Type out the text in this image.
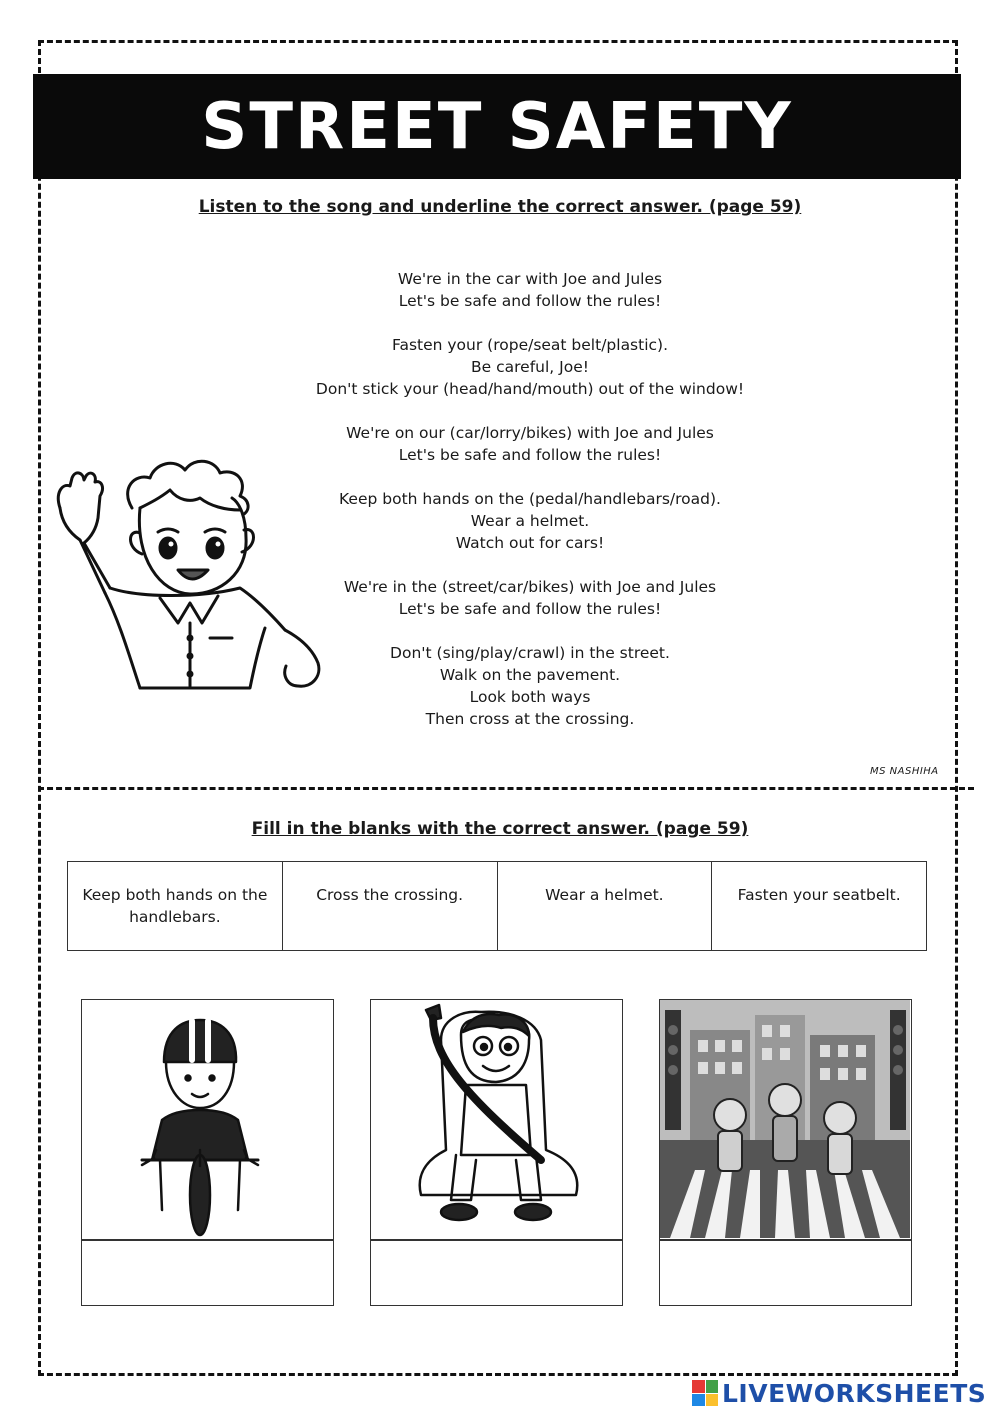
STREET SAFETY
Listen to the song and underline the correct answer. (page 59)
We're in the car with Joe and Jules
Let's be safe and follow the rules!
Fasten your (rope/seat belt/plastic).
Be careful, Joe!
Don't stick your (head/hand/mouth) out of the window!
We're on our (car/lorry/bikes) with Joe and Jules
Let's be safe and follow the rules!
Keep both hands on the (pedal/handlebars/road).
Wear a helmet.
Watch out for cars!
We're in the (street/car/bikes) with Joe and Jules
Let's be safe and follow the rules!
Don't (sing/play/crawl) in the street.
Walk on the pavement.
Look both ways
Then cross at the crossing.
MS NASHIHA
Fill in the blanks with the correct answer. (page 59)
Keep both hands on the handlebars.	Cross the crossing.	Wear a helmet.	Fasten your seatbelt.
LIVEWORKSHEETS
